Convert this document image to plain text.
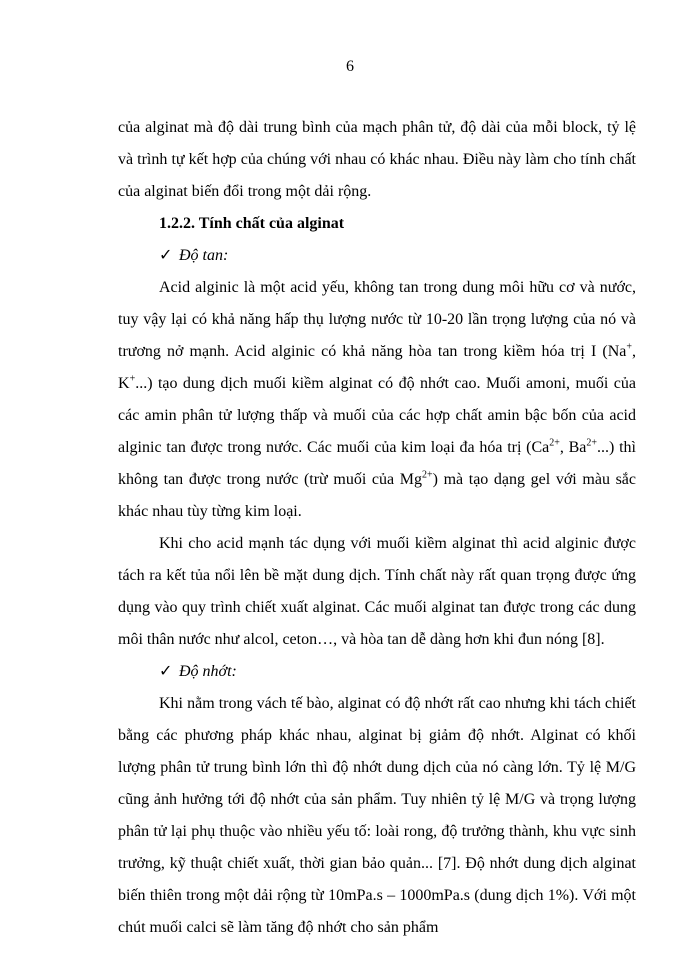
6

của alginat mà độ dài trung bình của mạch phân tử, độ dài của mỗi block, tỷ lệ và trình tự kết hợp của chúng với nhau có khác nhau. Điều này làm cho tính chất của alginat biến đổi trong một dải rộng.

1.2.2. Tính chất của alginat

✓ Độ tan:

Acid alginic là một acid yếu, không tan trong dung môi hữu cơ và nước, tuy vậy lại có khả năng hấp thụ lượng nước từ 10-20 lần trọng lượng của nó và trương nở mạnh. Acid alginic có khả năng hòa tan trong kiềm hóa trị I (Na+, K+...) tạo dung dịch muối kiềm alginat có độ nhớt cao. Muối amoni, muối của các amin phân tử lượng thấp và muối của các hợp chất amin bậc bốn của acid alginic tan được trong nước. Các muối của kim loại đa hóa trị ($Ca^{2+}$, $Ba^{2+}$...) thì không tan được trong nước (trừ muối của $Mg^{2+}$) mà tạo dạng gel với màu sắc khác nhau tùy từng kim loại.

Khi cho acid mạnh tác dụng với muối kiềm alginat thì acid alginic được tách ra kết tủa nổi lên bề mặt dung dịch. Tính chất này rất quan trọng được ứng dụng vào quy trình chiết xuất alginat. Các muối alginat tan được trong các dung môi thân nước như alcol, ceton…, và hòa tan dễ dàng hơn khi đun nóng [8].

✓ Độ nhớt:

Khi nằm trong vách tế bào, alginat có độ nhớt rất cao nhưng khi tách chiết bằng các phương pháp khác nhau, alginat bị giảm độ nhớt. Alginat có khối lượng phân tử trung bình lớn thì độ nhớt dung dịch của nó càng lớn. Tỷ lệ M/G cũng ảnh hưởng tới độ nhớt của sản phẩm. Tuy nhiên tỷ lệ M/G và trọng lượng phân tử lại phụ thuộc vào nhiều yếu tố: loài rong, độ trưởng thành, khu vực sinh trưởng, kỹ thuật chiết xuất, thời gian bảo quản... [7]. Độ nhớt dung dịch alginat biến thiên trong một dải rộng từ 10mPa.s – 1000mPa.s (dung dịch 1%). Với một chút muối calci sẽ làm tăng độ nhớt cho sản phẩm
